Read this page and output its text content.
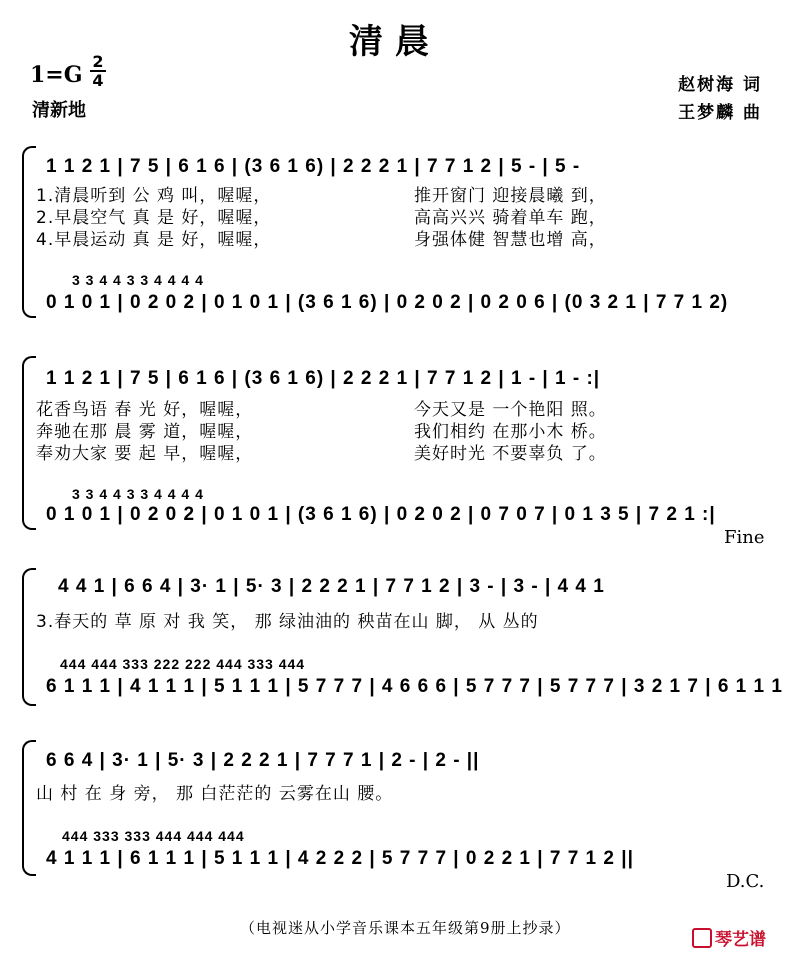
清晨
1=G
2
4
清新地
赵树海 词
王梦麟 曲
1 1 2 1 | 7 5 | 6 1 6 | (3 6 1 6) | 2 2 2 1 | 7 7 1 2 | 5 - | 5 -
1.清晨听到 公 鸡 叫，喔喔，
2.早晨空气 真 是 好，喔喔，
4.早晨运动 真 是 好，喔喔，
推开窗门 迎接晨曦 到，
高高兴兴 骑着单车 跑，
身强体健 智慧也增 高，
3 3 4 4 3 3 4 4 4 4
0 1 0 1 | 0 2 0 2 | 0 1 0 1 | (3 6 1 6) | 0 2 0 2 | 0 2 0 6 | (0 3 2 1 | 7 7 1 2)
1 1 2 1 | 7 5 | 6 1 6 | (3 6 1 6) | 2 2 2 1 | 7 7 1 2 | 1 - | 1 - :|
花香鸟语 春 光 好，喔喔，
奔驰在那 晨 雾 道，喔喔，
奉劝大家 要 起 早，喔喔，
今天又是 一个艳阳 照。
我们相约 在那小木 桥。
美好时光 不要辜负 了。
3 3 4 4 3 3 4 4 4 4
0 1 0 1 | 0 2 0 2 | 0 1 0 1 | (3 6 1 6) | 0 2 0 2 | 0 7 0 7 | 0 1 3 5 | 7 2 1 :|
Fine
4 4 1 | 6 6 4 | 3· 1 | 5· 3 | 2 2 2 1 | 7 7 1 2 | 3 - | 3 - | 4 4 1
3.春天的 草 原 对 我 笑， 那 绿油油的 秧苗在山 脚， 从 丛的
444 444 333 222 222 444 333 444
6 1 1 1 | 4 1 1 1 | 5 1 1 1 | 5 7 7 7 | 4 6 6 6 | 5 7 7 7 | 5 7 7 7 | 3 2 1 7 | 6 1 1 1
6 6 4 | 3· 1 | 5· 3 | 2 2 2 1 | 7 7 7 1 | 2 - | 2 - ||
山 村 在 身 旁， 那 白茫茫的 云雾在山 腰。
444 333 333 444 444 444
4 1 1 1 | 6 1 1 1 | 5 1 1 1 | 4 2 2 2 | 5 7 7 7 | 0 2 2 1 | 7 7 1 2 ||
D.C.
（电视迷从小学音乐课本五年级第9册上抄录）
琴艺谱
